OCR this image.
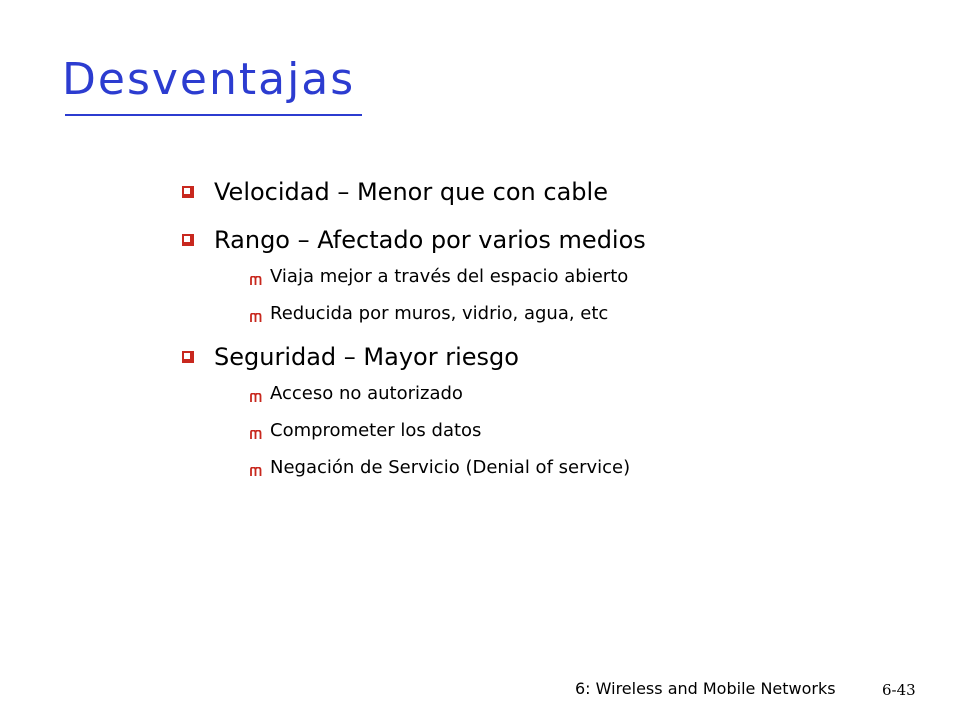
Desventajas
Velocidad – Menor que con cable
Rango – Afectado por varios medios
Viaja mejor a través del espacio abierto
Reducida por muros, vidrio, agua, etc
Seguridad – Mayor riesgo
Acceso no autorizado
Comprometer los datos
Negación de Servicio (Denial of service)
6: Wireless and Mobile Networks	6-43
